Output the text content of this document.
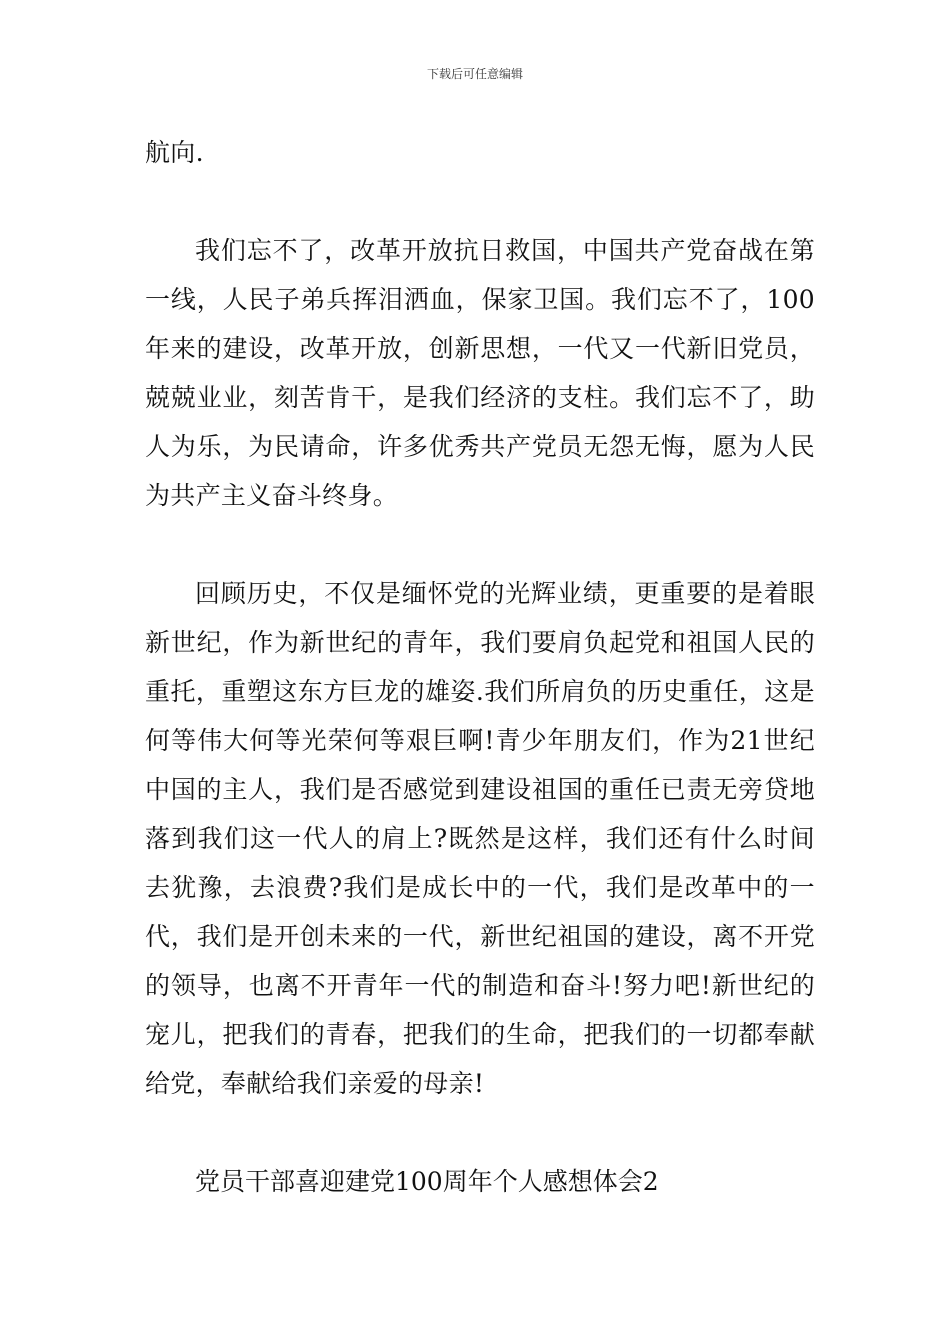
下载后可任意编辑

航向.

我们忘不了，改革开放抗日救国，中国共产党奋战在第一线，人民子弟兵挥泪洒血，保家卫国。我们忘不了，100年来的建设，改革开放，创新思想，一代又一代新旧党员，兢兢业业，刻苦肯干，是我们经济的支柱。我们忘不了，助人为乐，为民请命，许多优秀共产党员无怨无悔，愿为人民为共产主义奋斗终身。

回顾历史，不仅是缅怀党的光辉业绩，更重要的是着眼新世纪，作为新世纪的青年，我们要肩负起党和祖国人民的重托，重塑这东方巨龙的雄姿.我们所肩负的历史重任，这是何等伟大何等光荣何等艰巨啊!青少年朋友们，作为21世纪中国的主人，我们是否感觉到建设祖国的重任已责无旁贷地落到我们这一代人的肩上?既然是这样，我们还有什么时间去犹豫，去浪费?我们是成长中的一代，我们是改革中的一代，我们是开创未来的一代，新世纪祖国的建设，离不开党的领导，也离不开青年一代的制造和奋斗!努力吧!新世纪的宠儿，把我们的青春，把我们的生命，把我们的一切都奉献给党，奉献给我们亲爱的母亲!

党员干部喜迎建党100周年个人感想体会2
